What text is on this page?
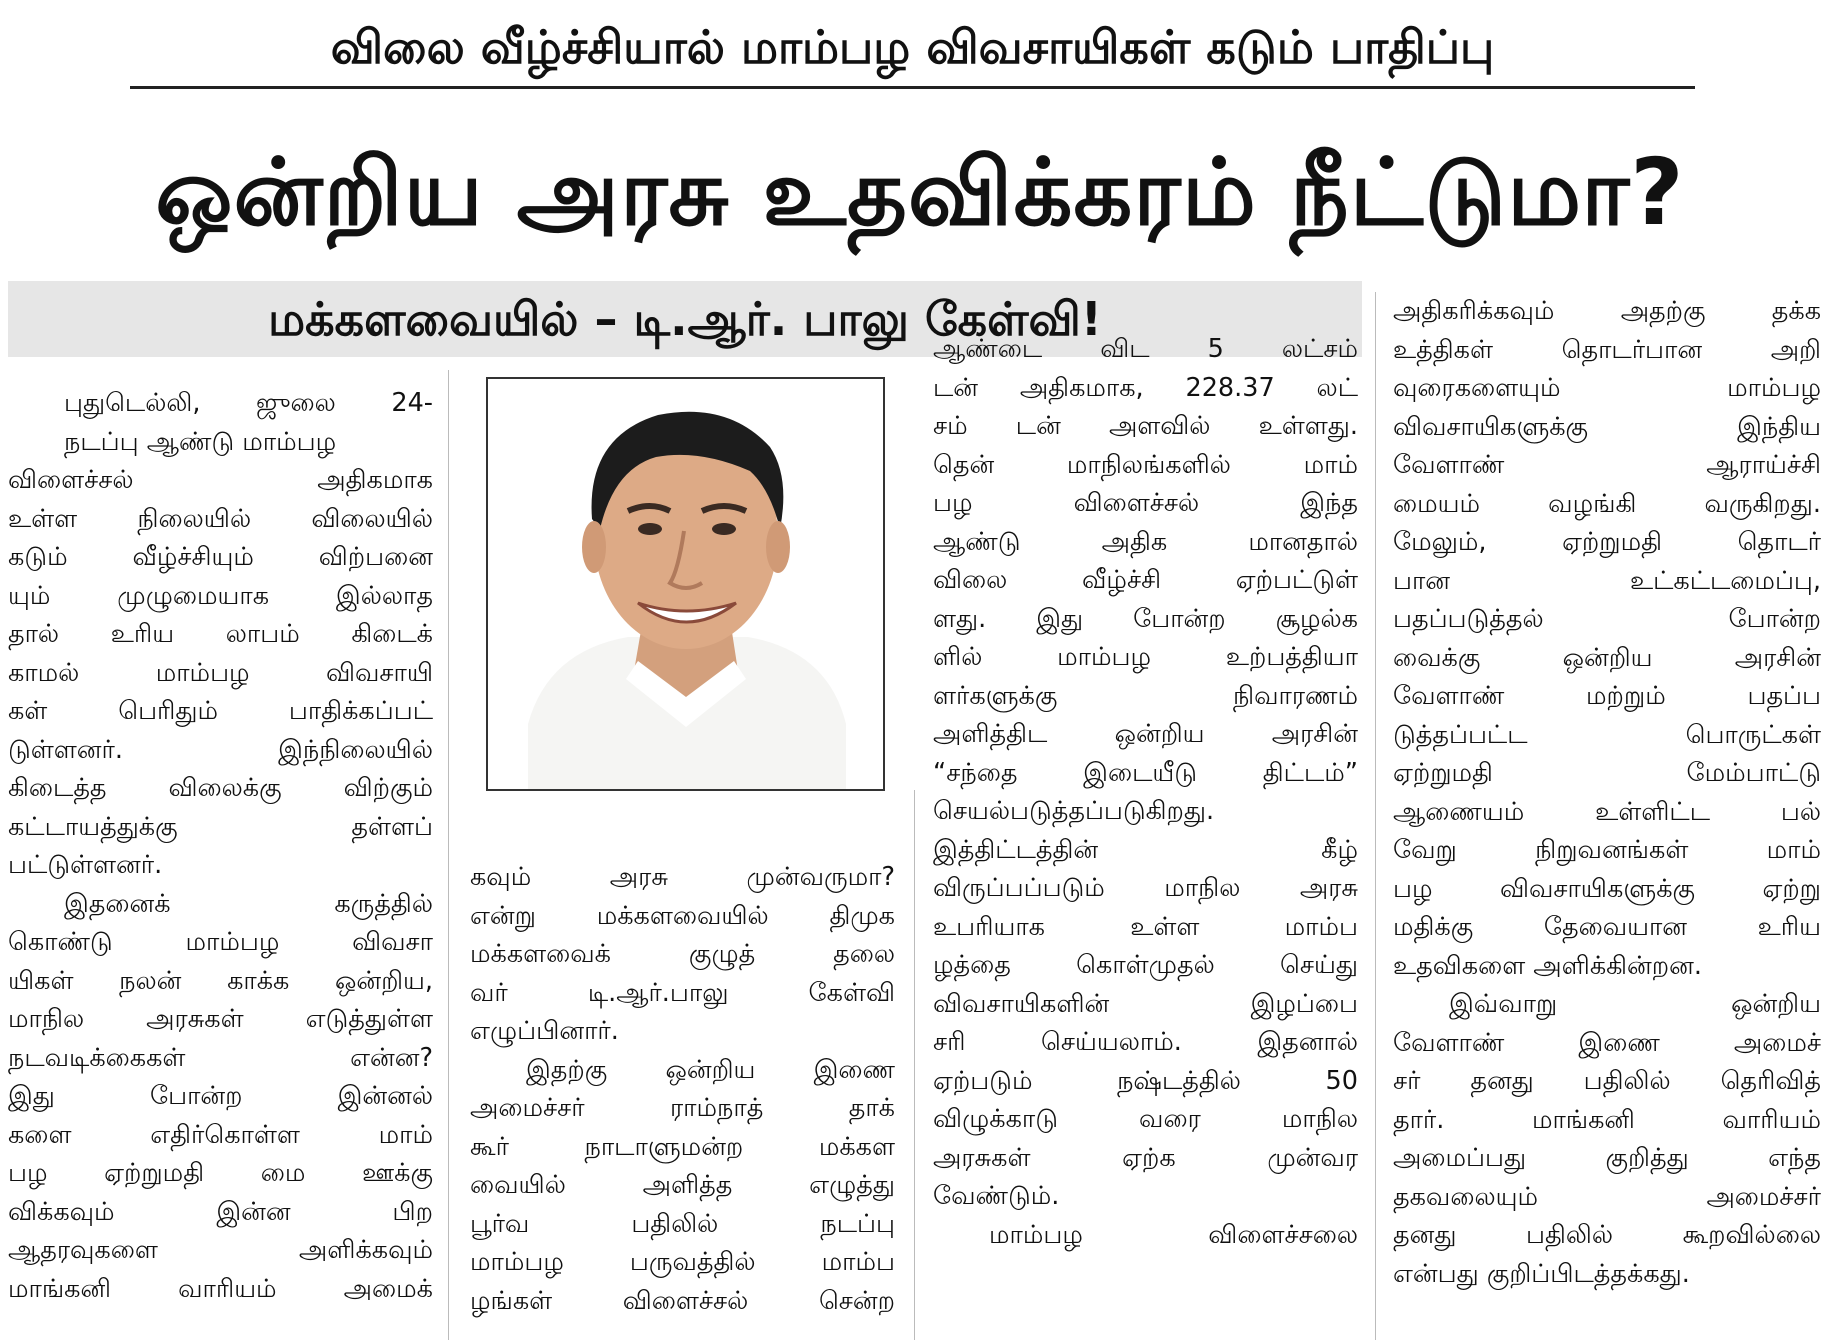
விலை வீழ்ச்சியால் மாம்பழ விவசாயிகள் கடும் பாதிப்பு
ஒன்றிய அரசு உதவிக்கரம் நீட்டுமா?
மக்களவையில் – டி.ஆர். பாலு கேள்வி!

புதுடெல்லி, ஜுலை 24-

நடப்பு ஆண்டு மாம்பழ

விளைச்சல் அதிகமாக

உள்ள நிலையில் விலையில்

கடும் வீழ்ச்சியும் விற்பனை

யும் முழுமையாக இல்லாத

தால் உரிய லாபம் கிடைக்

காமல் மாம்பழ விவசாயி

கள் பெரிதும் பாதிக்கப்பட்

டுள்ளனர். இந்நிலையில்

கிடைத்த விலைக்கு விற்கும்

கட்டாயத்துக்கு தள்ளப்

பட்டுள்ளனர்.

இதனைக் கருத்தில்

கொண்டு மாம்பழ விவசா

யிகள் நலன் காக்க ஒன்றிய,

மாநில அரசுகள் எடுத்துள்ள

நடவடிக்கைகள் என்ன?

இது போன்ற இன்னல்

களை எதிர்கொள்ள மாம்

பழ ஏற்றுமதி மை ஊக்கு

விக்கவும் இன்ன பிற

ஆதரவுகளை அளிக்கவும்

மாங்கனி வாரியம் அமைக்

கவும் அரசு முன்வருமா?

என்று மக்களவையில் திமுக

மக்களவைக் குழுத் தலை

வர் டி.ஆர்.பாலு கேள்வி

எழுப்பினார்.

இதற்கு ஒன்றிய இணை

அமைச்சர் ராம்நாத் தாக்

கூர் நாடாளுமன்ற மக்கள

வையில் அளித்த எழுத்து

பூர்வ பதிலில் நடப்பு

மாம்பழ பருவத்தில் மாம்ப

ழங்கள் விளைச்சல் சென்ற

ஆண்டை விட 5 லட்சம்

டன் அதிகமாக, 228.37 லட்

சம் டன் அளவில் உள்ளது.

தென் மாநிலங்களில் மாம்

பழ விளைச்சல் இந்த

ஆண்டு அதிக மானதால்

விலை வீழ்ச்சி ஏற்பட்டுள்

ளது. இது போன்ற சூழல்க

ளில் மாம்பழ உற்பத்தியா

ளர்களுக்கு நிவாரணம்

அளித்திட ஒன்றிய அரசின்

“சந்தை இடையீடு திட்டம்”

செயல்படுத்தப்படுகிறது.

இத்திட்டத்தின் கீழ்

விருப்பப்படும் மாநில அரசு

உபரியாக உள்ள மாம்ப

ழத்தை கொள்முதல் செய்து

விவசாயிகளின் இழப்பை

சரி செய்யலாம். இதனால்

ஏற்படும் நஷ்டத்தில் 50

விழுக்காடு வரை மாநில

அரசுகள் ஏற்க முன்வர

வேண்டும்.

மாம்பழ விளைச்சலை

அதிகரிக்கவும் அதற்கு தக்க

உத்திகள் தொடர்பான அறி

வுரைகளையும் மாம்பழ

விவசாயிகளுக்கு இந்திய

வேளாண் ஆராய்ச்சி

மையம் வழங்கி வருகிறது.

மேலும், ஏற்றுமதி தொடர்

பான உட்கட்டமைப்பு,

பதப்படுத்தல் போன்ற

வைக்கு ஒன்றிய அரசின்

வேளாண் மற்றும் பதப்ப

டுத்தப்பட்ட பொருட்கள்

ஏற்றுமதி மேம்பாட்டு

ஆணையம் உள்ளிட்ட பல்

வேறு நிறுவனங்கள் மாம்

பழ விவசாயிகளுக்கு ஏற்று

மதிக்கு தேவையான உரிய

உதவிகளை அளிக்கின்றன.

இவ்வாறு ஒன்றிய

வேளாண் இணை அமைச்

சர் தனது பதிலில் தெரிவித்

தார். மாங்கனி வாரியம்

அமைப்பது குறித்து எந்த

தகவலையும் அமைச்சர்

தனது பதிலில் கூறவில்லை

என்பது குறிப்பிடத்தக்கது.
